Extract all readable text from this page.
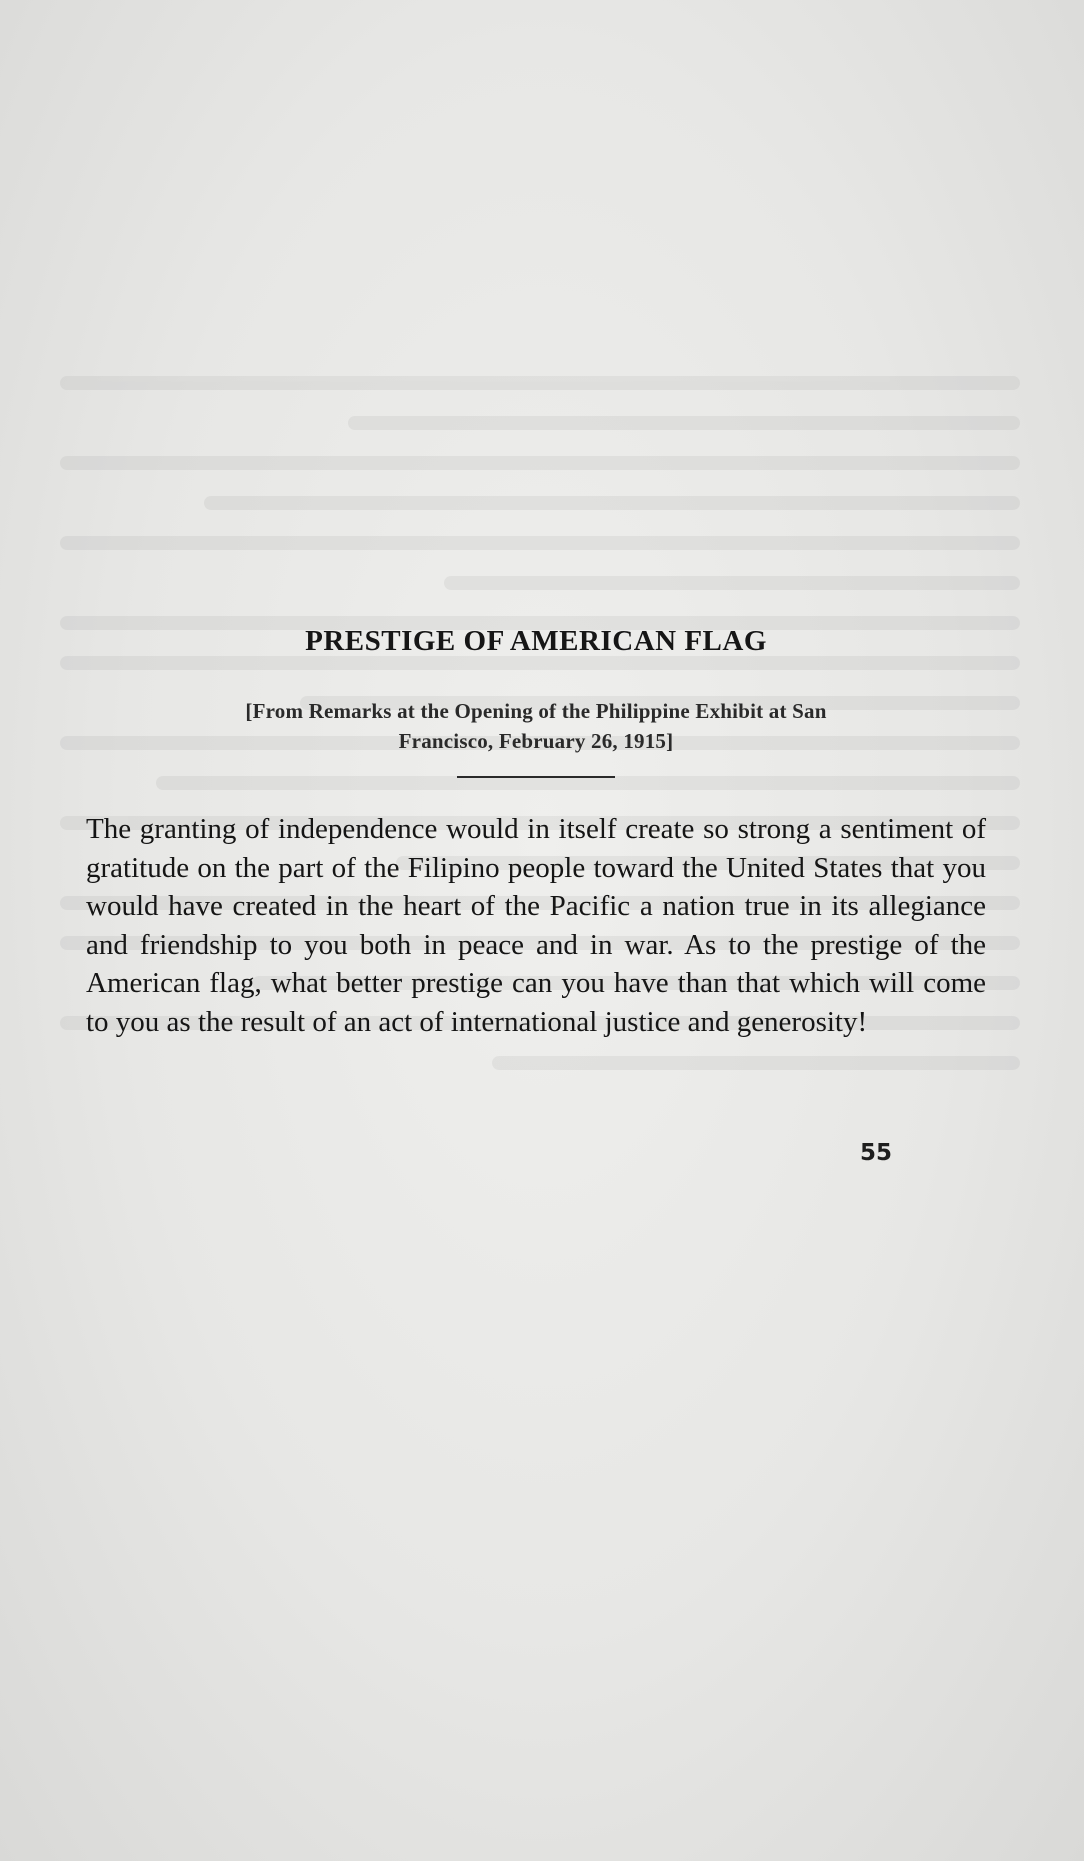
PRESTIGE OF AMERICAN FLAG
[From Remarks at the Opening of the Philippine Exhibit at San
Francisco, February 26, 1915]

The granting of independence would in itself create so strong a sentiment of gratitude on the part of the Filipino people toward the United States that you would have created in the heart of the Pacific a nation true in its allegiance and friendship to you both in peace and in war. As to the prestige of the American flag, what better prestige can you have than that which will come to you as the result of an act of international justice and generosity!

55
